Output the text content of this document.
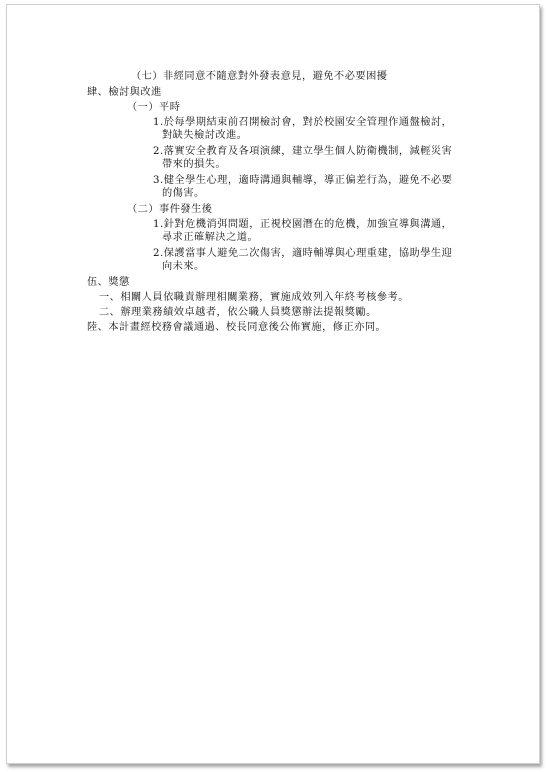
（七）非經同意不隨意對外發表意見，避免不必要困擾
肆、檢討與改進
（一）平時
1.於每學期結束前召開檢討會，對於校園安全管理作通盤檢討，
對缺失檢討改進。
2.落實安全教育及各項演練，建立學生個人防衛機制，減輕災害
帶來的損失。
3.健全學生心理，適時溝通與輔導，導正偏差行為，避免不必要
的傷害。
（二）事件發生後
1.針對危機消弭問題，正視校園潛在的危機，加強宣導與溝通，
尋求正確解決之道。
2.保護當事人避免二次傷害，適時輔導與心理重建，協助學生迎
向未來。
伍、獎懲
一、相關人員依職責辦理相關業務，實施成效列入年終考核參考。
二、辦理業務績效卓越者，依公職人員獎懲辦法提報獎勵。
陸、本計畫經校務會議通過、校長同意後公佈實施，修正亦同。
